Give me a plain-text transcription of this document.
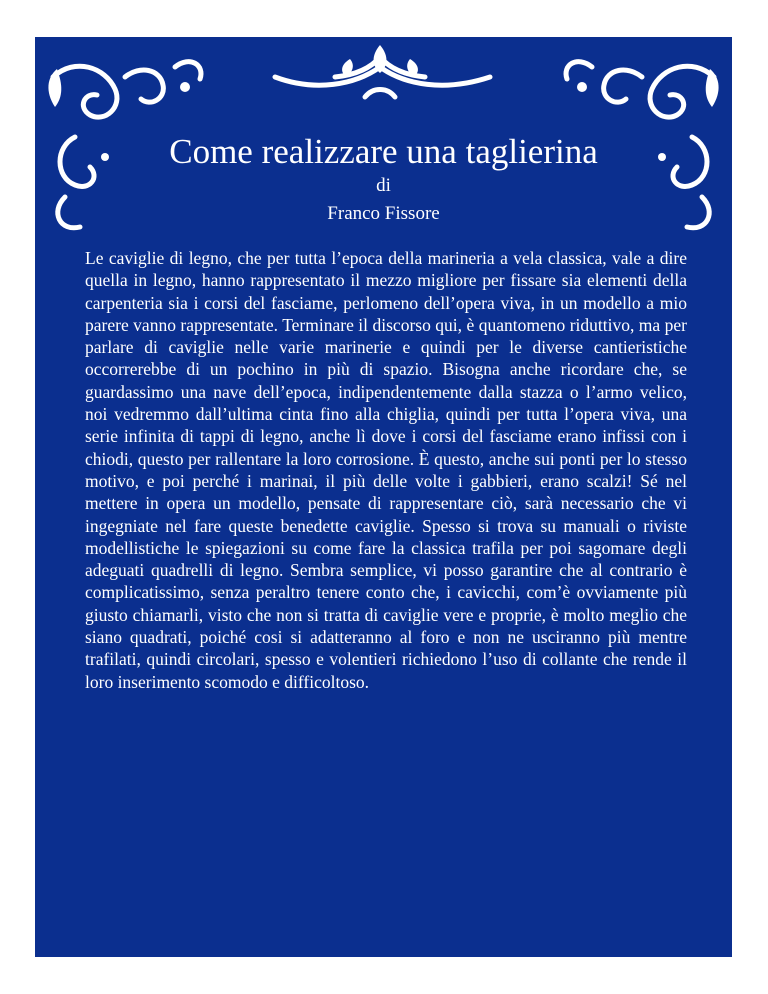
Come realizzare una taglierina
di
Franco Fissore

Le caviglie di legno, che per tutta l’epoca della marineria a vela classica, vale a dire quella in legno, hanno rappresentato il mezzo migliore per fissare sia elementi della carpenteria sia i corsi del fasciame, perlomeno dell’opera viva, in un modello a mio parere vanno rappresentate. Terminare il discorso qui, è quantomeno riduttivo, ma per parlare di caviglie nelle varie marinerie e quindi per le diverse cantieristiche occorrerebbe di un pochino in più di spazio. Bisogna anche ricordare che, se guardassimo una nave dell’epoca, indipendentemente dalla stazza o l’armo velico, noi vedremmo dall’ultima cinta fino alla chiglia, quindi per tutta l’opera viva, una serie infinita di tappi di legno, anche lì dove i corsi del fasciame erano infissi con i chiodi, questo per rallentare la loro corrosione. È questo, anche sui ponti per lo stesso motivo, e poi perché i marinai, il più delle volte i gabbieri, erano scalzi! Sé nel mettere in opera un modello, pensate di rappresentare ciò, sarà necessario che vi ingegniate nel fare queste benedette caviglie. Spesso si trova su manuali o riviste modellistiche le spiegazioni su come fare la classica trafila per poi sagomare degli adeguati quadrelli di legno. Sembra semplice, vi posso garantire che al contrario è complicatissimo, senza peraltro tenere conto che, i cavicchi, com’è ovviamente più giusto chiamarli, visto che non si tratta di caviglie vere e proprie, è molto meglio che siano quadrati, poiché cosi si adatteranno al foro e non ne usciranno più mentre trafilati, quindi circolari, spesso e volentieri richiedono l’uso di collante che rende il loro inserimento scomodo e difficoltoso.
